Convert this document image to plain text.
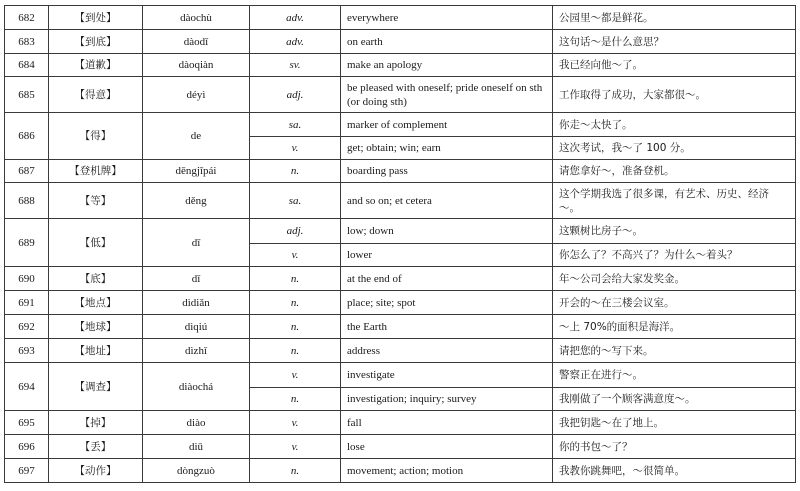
682	【到处】	dàochù	adv.	everywhere	公园里～都是鲜花。
683	【到底】	dàodǐ	adv.	on earth	这句话～是什么意思？
684	【道歉】	dàoqiàn	sv.	make an apology	我已经向他～了。
685	【得意】	déyì	adj.	be pleased with oneself; pride oneself on sth (or doing sth)	工作取得了成功，大家都很～。
686	【得】	de	sa.	marker of complement	你走～太快了。
			v.	get; obtain; win; earn	这次考试，我～了 100 分。
687	【登机牌】	dēngjīpái	n.	boarding pass	请您拿好～，准备登机。
688	【等】	děng	sa.	and so on; et cetera	这个学期我选了很多课，有艺术、历史、经济～。
689	【低】	dī	adj.	low; down	这颗树比房子～。
			v.	lower	你怎么了？不高兴了？为什么～着头？
690	【底】	dǐ	n.	at the end of	年～公司会给大家发奖金。
691	【地点】	dìdiǎn	n.	place; site; spot	开会的～在三楼会议室。
692	【地球】	dìqiú	n.	the Earth	～上 70%的面积是海洋。
693	【地址】	dìzhǐ	n.	address	请把您的～写下来。
694	【调查】	diàochá	v.	investigate	警察正在进行～。
			n.	investigation; inquiry; survey	我刚做了一个顾客满意度～。
695	【掉】	diào	v.	fall	我把钥匙～在了地上。
696	【丢】	diū	v.	lose	你的书包～了？
697	【动作】	dòngzuò	n.	movement; action; motion	我教你跳舞吧，～很简单。
